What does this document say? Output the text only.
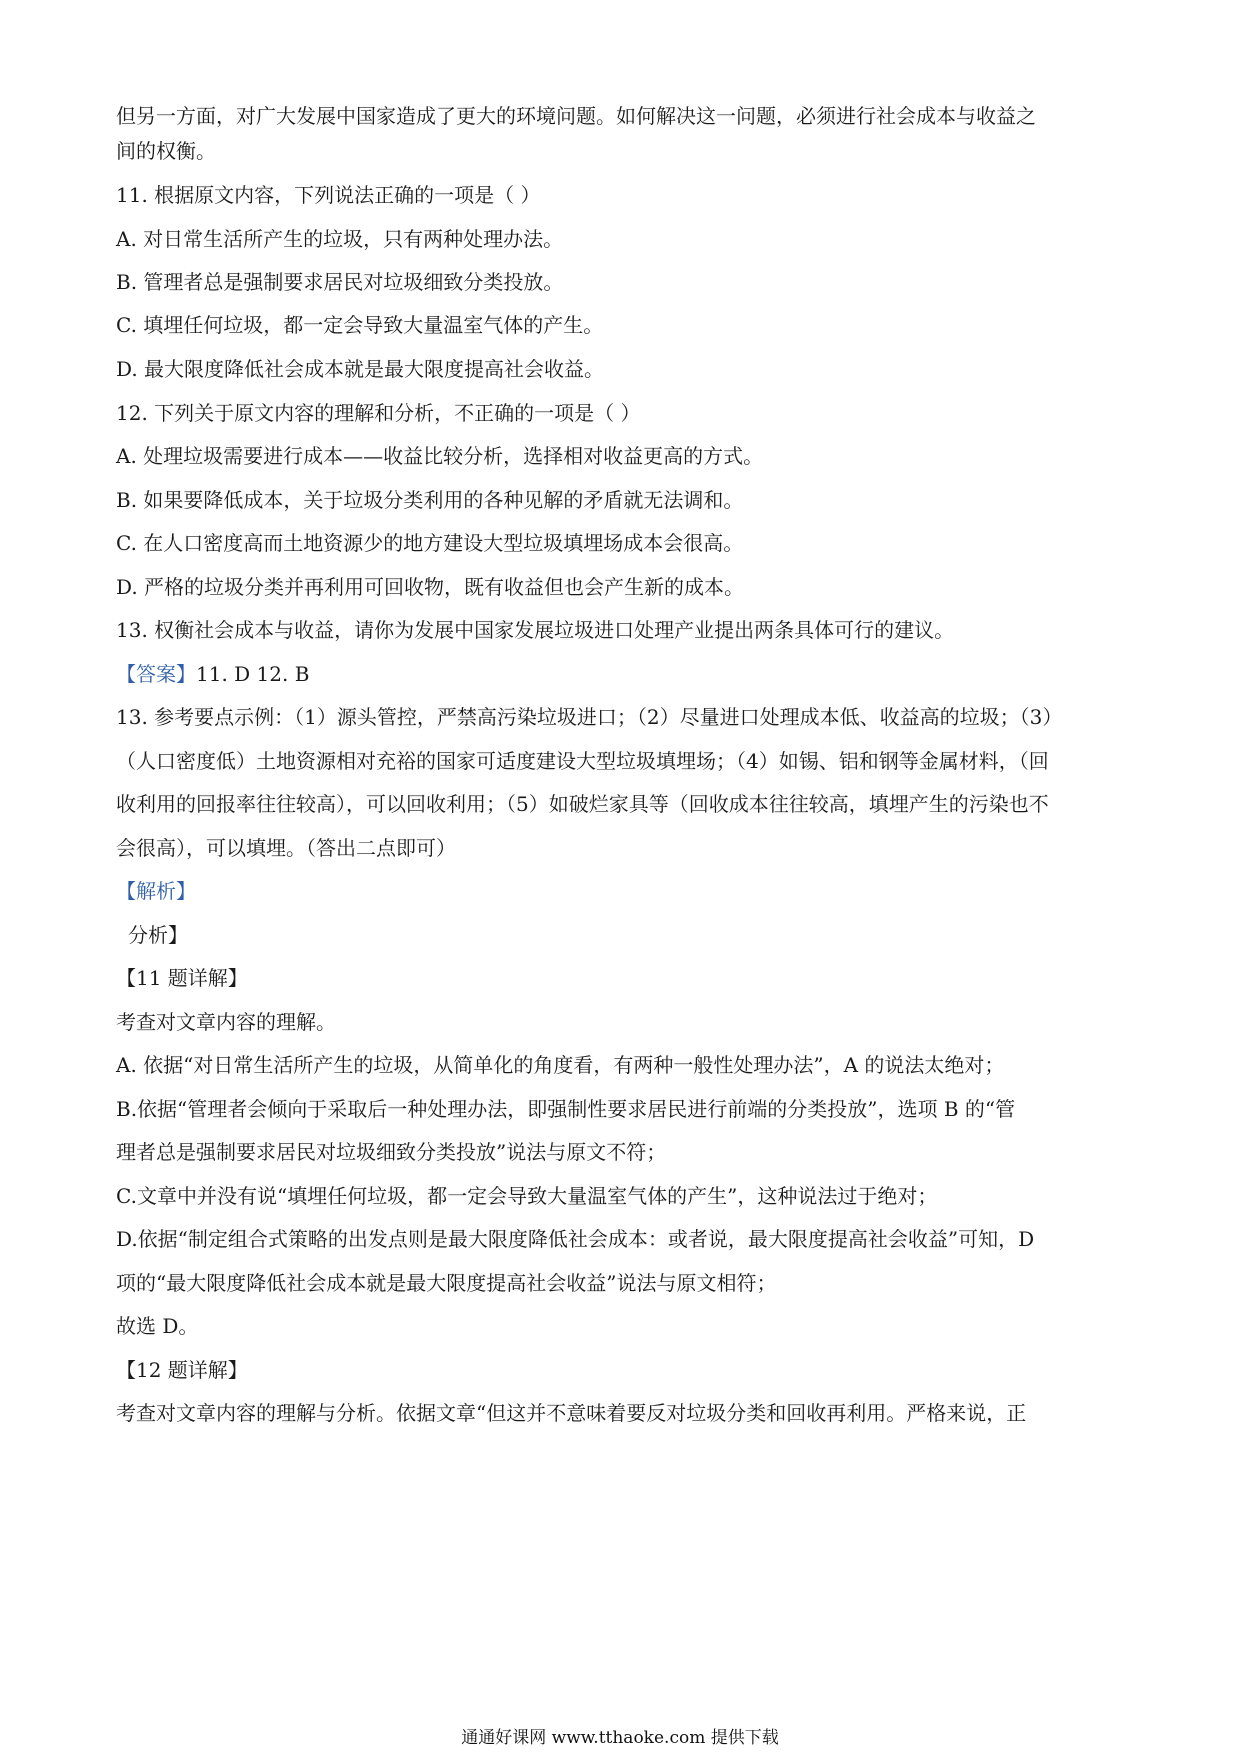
但另一方面，对广大发展中国家造成了更大的环境问题。如何解决这一问题，必须进行社会成本与收益之
间的权衡。
11. 根据原文内容，下列说法正确的一项是（ ）
A. 对日常生活所产生的垃圾，只有两种处理办法。
B. 管理者总是强制要求居民对垃圾细致分类投放。
C. 填埋任何垃圾，都一定会导致大量温室气体的产生。
D. 最大限度降低社会成本就是最大限度提高社会收益。
12. 下列关于原文内容的理解和分析，不正确的一项是（ ）
A. 处理垃圾需要进行成本——收益比较分析，选择相对收益更高的方式。
B. 如果要降低成本，关于垃圾分类利用的各种见解的矛盾就无法调和。
C. 在人口密度高而土地资源少的地方建设大型垃圾填埋场成本会很高。
D. 严格的垃圾分类并再利用可回收物，既有收益但也会产生新的成本。
13. 权衡社会成本与收益，请你为发展中国家发展垃圾进口处理产业提出两条具体可行的建议。
【答案】11. D 12. B
13. 参考要点示例：（1）源头管控，严禁高污染垃圾进口；（2）尽量进口处理成本低、收益高的垃圾；（3）
（人口密度低）土地资源相对充裕的国家可适度建设大型垃圾填埋场；（4）如锡、铝和钢等金属材料，（回
收利用的回报率往往较高），可以回收利用；（5）如破烂家具等（回收成本往往较高，填埋产生的污染也不
会很高），可以填埋。（答出二点即可）
【解析】
分析】
【11 题详解】
考查对文章内容的理解。
A. 依据“对日常生活所产生的垃圾，从简单化的角度看，有两种一般性处理办法”，A 的说法太绝对；
B.依据“管理者会倾向于采取后一种处理办法，即强制性要求居民进行前端的分类投放”，选项 B 的“管
理者总是强制要求居民对垃圾细致分类投放”说法与原文不符；
C.文章中并没有说“填埋任何垃圾，都一定会导致大量温室气体的产生”，这种说法过于绝对；
D.依据“制定组合式策略的出发点则是最大限度降低社会成本：或者说，最大限度提高社会收益”可知，D
项的“最大限度降低社会成本就是最大限度提高社会收益”说法与原文相符；
故选 D。
【12 题详解】
考查对文章内容的理解与分析。依据文章“但这并不意味着要反对垃圾分类和回收再利用。严格来说，正
通通好课网 www.tthaoke.com 提供下载
